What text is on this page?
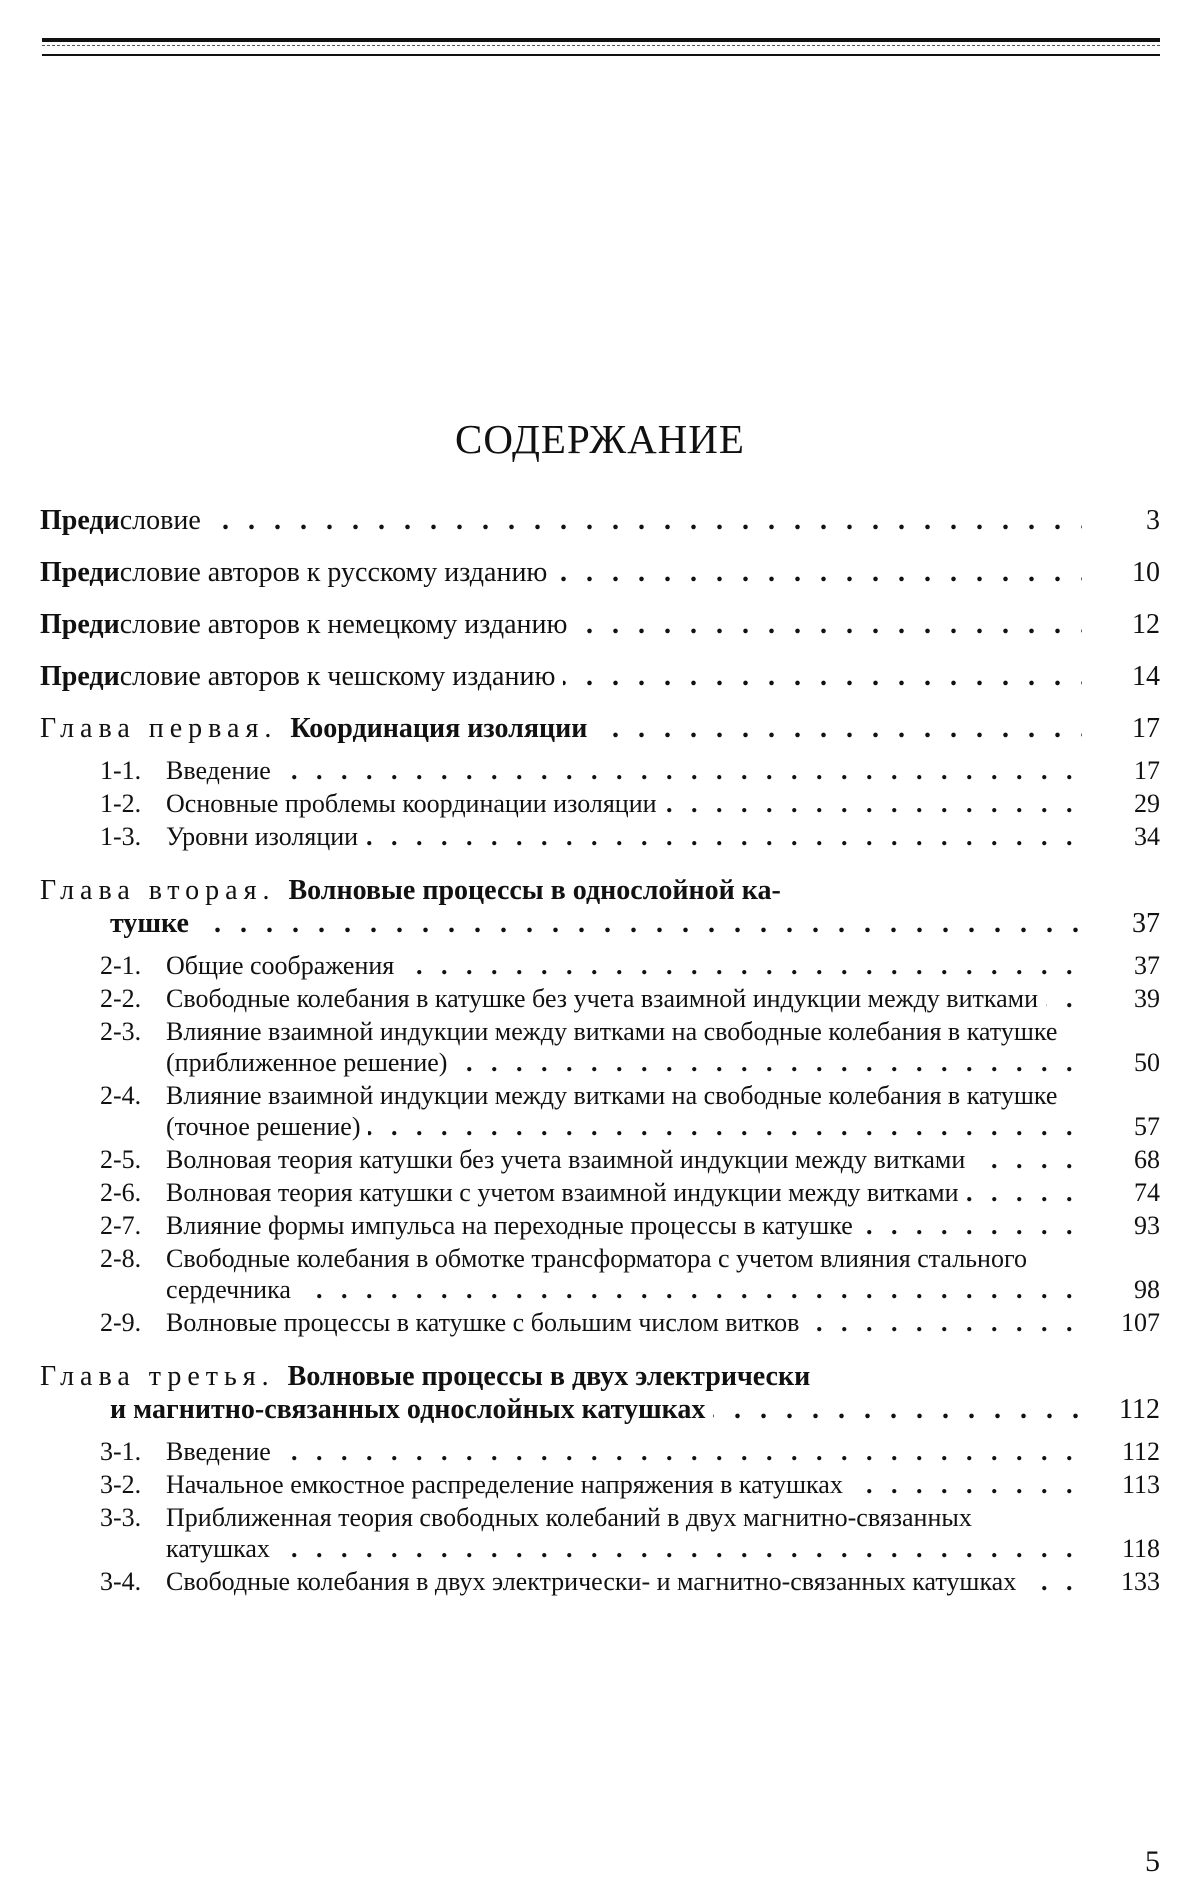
СОДЕРЖАНИЕ
Предисловие . . .	3
Предисловие авторов к русскому изданию . . .	10
Предисловие авторов к немецкому изданию . . .	12
Предисловие авторов к чешскому изданию . . .	14
Глава первая. Координация изоляции . . .	17
1-1. Введение . . .	17
1-2. Основные проблемы координации изоляции . . .	29
1-3. Уровни изоляции . . .	34
Глава вторая. Волновые процессы в однослойной ка-
тушке . . .	37
2-1. Общие соображения . . .	37
2-2. Свободные колебания в катушке без учета взаимной индукции между витками . . .	39
2-3. Влияние взаимной индукции между витками на свободные колебания в катушке (приближенное решение) . . .	50
2-4. Влияние взаимной индукции между витками на свободные колебания в катушке (точное решение) . . .	57
2-5. Волновая теория катушки без учета взаимной индукции между витками . . .	68
2-6. Волновая теория катушки с учетом взаимной индукции между витками . . .	74
2-7. Влияние формы импульса на переходные процессы в катушке . . .	93
2-8. Свободные колебания в обмотке трансформатора с учетом влияния стального сердечника . . .	98
2-9. Волновые процессы в катушке с большим числом витков . . .	107
Глава третья. Волновые процессы в двух электрически
и магнитно-связанных однослойных катушках . . .	112
3-1. Введение . . .	112
3-2. Начальное емкостное распределение напряжения в катушках . . .	113
3-3. Приближенная теория свободных колебаний в двух магнитно-связанных катушках . . .	118
3-4. Свободные колебания в двух электрически- и магнитно-связанных катушках . . .	133
5
